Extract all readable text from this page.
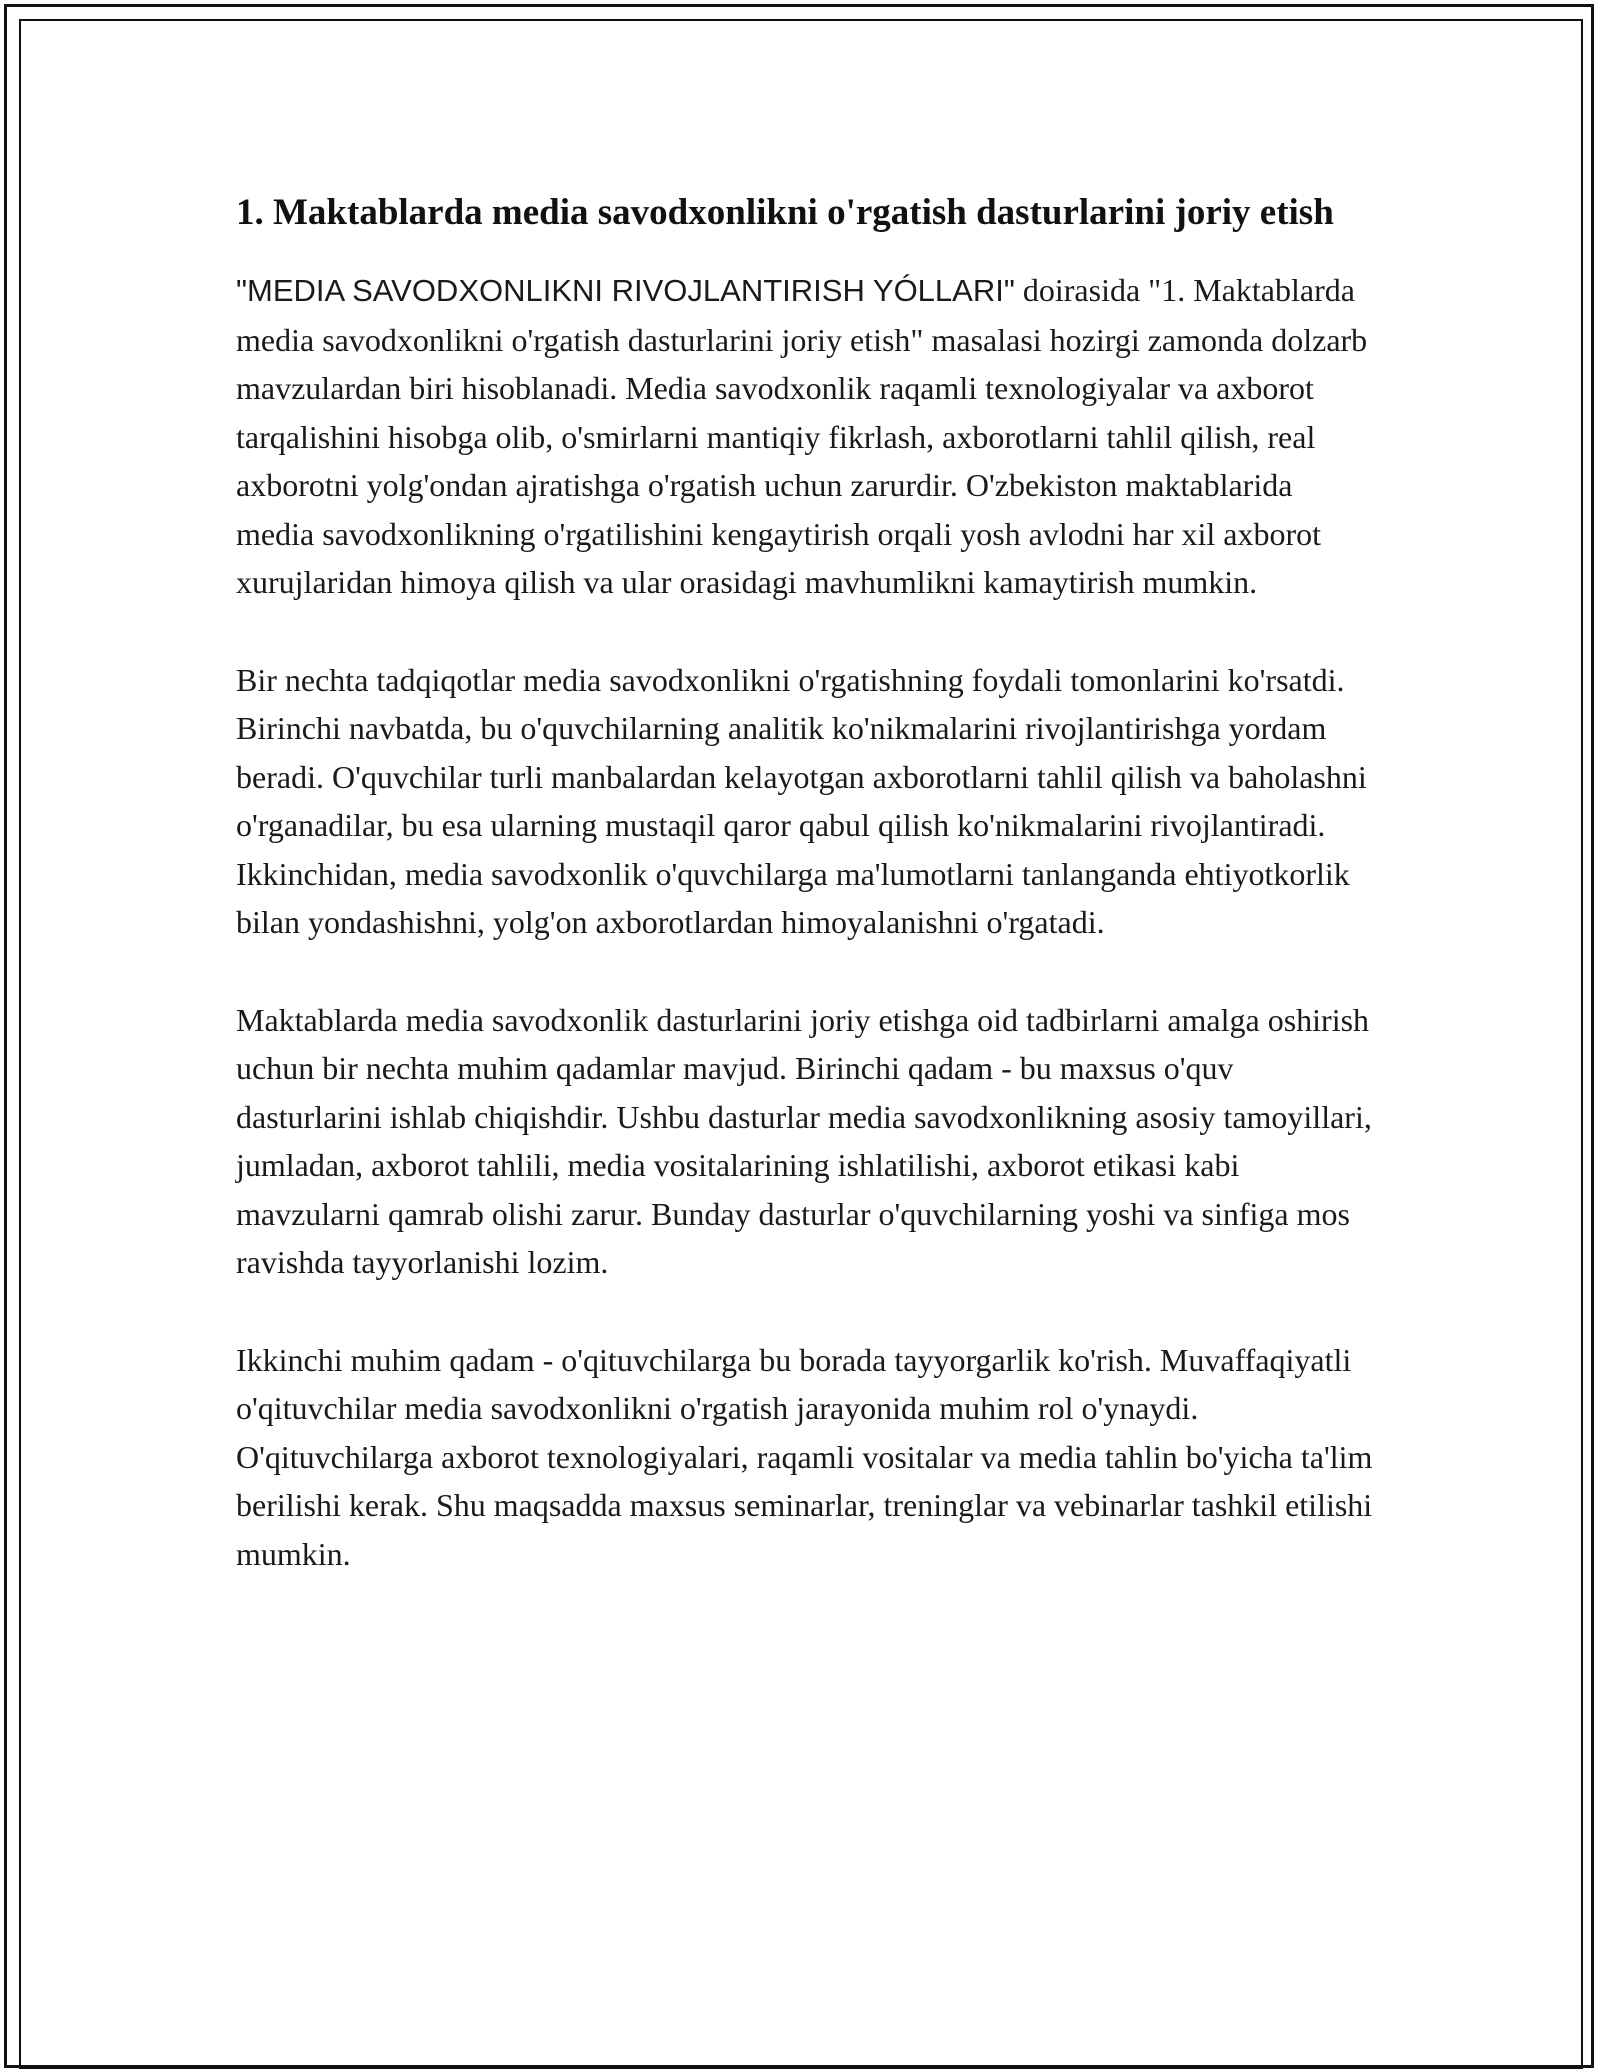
1. Maktablarda media savodxonlikni o'rgatish dasturlarini joriy etish

"MEDIA SAVODXONLIKNI RIVOJLANTIRISH YÓLLARI" doirasida "1. Maktablarda media savodxonlikni o'rgatish dasturlarini joriy etish" masalasi hozirgi zamonda dolzarb mavzulardan biri hisoblanadi. Media savodxonlik raqamli texnologiyalar va axborot tarqalishini hisobga olib, o'smirlarni mantiqiy fikrlash, axborotlarni tahlil qilish, real axborotni yolg'ondan ajratishga o'rgatish uchun zarurdir. O'zbekiston maktablarida media savodxonlikning o'rgatilishini kengaytirish orqali yosh avlodni har xil axborot xurujlaridan himoya qilish va ular orasidagi mavhumlikni kamaytirish mumkin.

Bir nechta tadqiqotlar media savodxonlikni o'rgatishning foydali tomonlarini ko'rsatdi. Birinchi navbatda, bu o'quvchilarning analitik ko'nikmalarini rivojlantirishga yordam beradi. O'quvchilar turli manbalardan kelayotgan axborotlarni tahlil qilish va baholashni o'rganadilar, bu esa ularning mustaqil qaror qabul qilish ko'nikmalarini rivojlantiradi. Ikkinchidan, media savodxonlik o'quvchilarga ma'lumotlarni tanlanganda ehtiyotkorlik bilan yondashishni, yolg'on axborotlardan himoyalanishni o'rgatadi.

Maktablarda media savodxonlik dasturlarini joriy etishga oid tadbirlarni amalga oshirish uchun bir nechta muhim qadamlar mavjud. Birinchi qadam - bu maxsus o'quv dasturlarini ishlab chiqishdir. Ushbu dasturlar media savodxonlikning asosiy tamoyillari, jumladan, axborot tahlili, media vositalarining ishlatilishi, axborot etikasi kabi mavzularni qamrab olishi zarur. Bunday dasturlar o'quvchilarning yoshi va sinfiga mos ravishda tayyorlanishi lozim.

Ikkinchi muhim qadam - o'qituvchilarga bu borada tayyorgarlik ko'rish. Muvaffaqiyatli o'qituvchilar media savodxonlikni o'rgatish jarayonida muhim rol o'ynaydi. O'qituvchilarga axborot texnologiyalari, raqamli vositalar va media tahlin bo'yicha ta'lim berilishi kerak. Shu maqsadda maxsus seminarlar, treninglar va vebinarlar tashkil etilishi mumkin.
